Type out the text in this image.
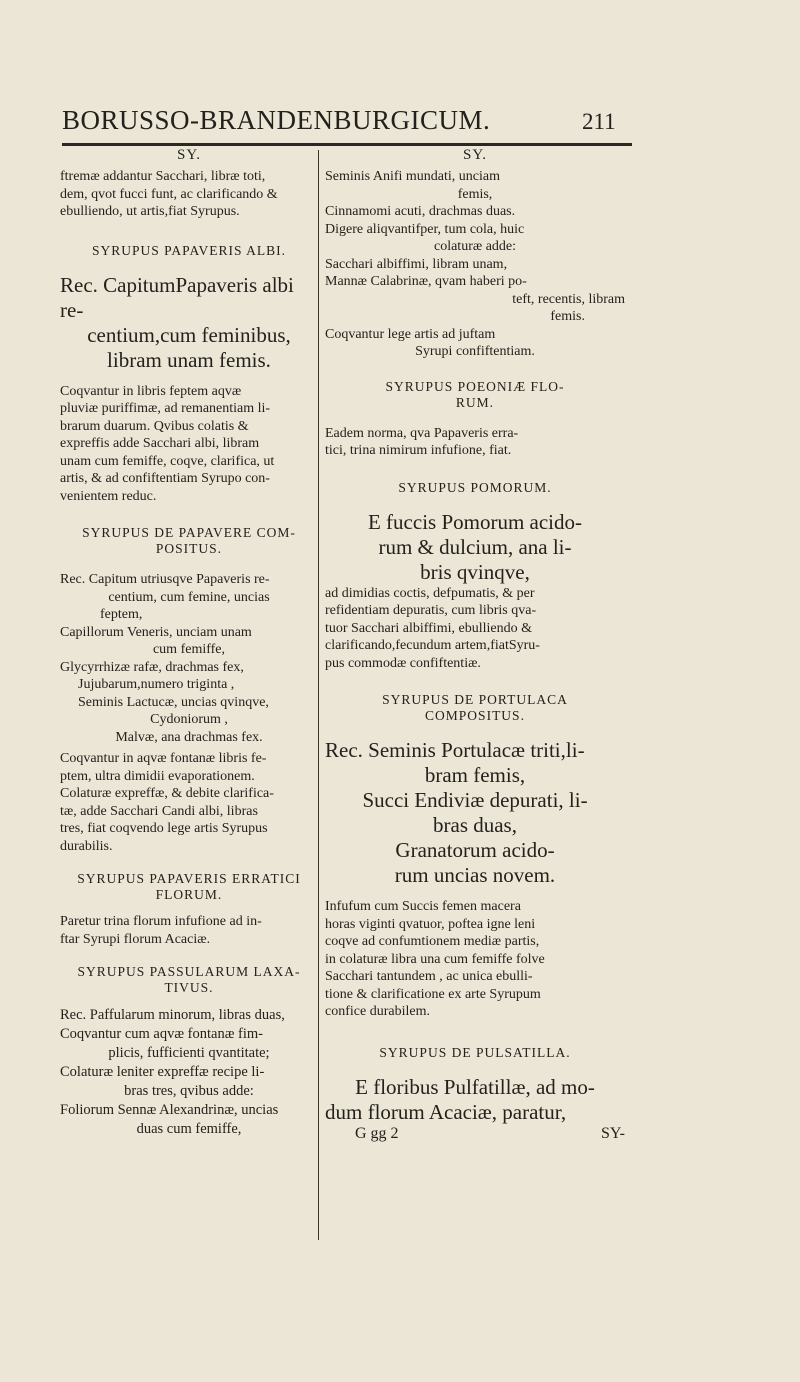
BORUSSO-BRANDENBURGICUM.	211
SY.
ftremæ addantur Sacchari, libræ toti,
dem, qvot fucci funt, ac clarificando &
ebulliendo, ut artis,fiat Syrupus.
SYRUPUS PAPAVERIS ALBI.
Rec. CapitumPapaveris albi re-
centium,cum feminibus,
libram unam femis.
Coqvantur in libris feptem aqvæ
pluviæ puriffimæ, ad remanentiam li-
brarum duarum. Qvibus colatis &
expreffis adde Sacchari albi, libram
unam cum femiffe, coqve, clarifica, ut
artis, & ad confiftentiam Syrupo con-
venientem reduc.
SYRUPUS DE PAPAVERE COM-
POSITUS.
Rec. Capitum utriusqve Papaveris re-
centium, cum femine, uncias
feptem,
Capillorum Veneris, unciam unam
cum femiffe,
Glycyrrhizæ rafæ, drachmas fex,
Jujubarum,numero triginta ,
Seminis Lactucæ, uncias qvinqve,
Cydoniorum ,
Malvæ, ana drachmas fex.
Coqvantur in aqvæ fontanæ libris fe-
ptem, ultra dimidii evaporationem.
Colaturæ expreffæ, & debite clarifica-
tæ, adde Sacchari Candi albi, libras
tres, fiat coqvendo lege artis Syrupus
durabilis.
SYRUPUS PAPAVERIS ERRATICI
FLORUM.
Paretur trina florum infufione ad in-
ftar Syrupi florum Acaciæ.
SYRUPUS PASSULARUM LAXA-
TIVUS.
Rec. Paffularum minorum, libras duas,
Coqvantur cum aqvæ fontanæ fim-
plicis, fufficienti qvantitate;
Colaturæ leniter expreffæ recipe li-
bras tres, qvibus adde:
Foliorum Sennæ Alexandrinæ, uncias
duas cum femiffe,
SY.
Seminis Anifi mundati, unciam
femis,
Cinnamomi acuti, drachmas duas.
Digere aliqvantifper, tum cola, huic
colaturæ adde:
Sacchari albiffimi, libram unam,
Mannæ Calabrinæ, qvam haberi po-
teft, recentis, libram
femis.
Coqvantur lege artis ad juftam
Syrupi confiftentiam.
SYRUPUS POEONIÆ FLO-
RUM.
Eadem norma, qva Papaveris erra-
tici, trina nimirum infufione, fiat.
SYRUPUS POMORUM.
E fuccis Pomorum acido-
rum & dulcium, ana li-
bris qvinqve,
ad dimidias coctis, defpumatis, & per
refidentiam depuratis, cum libris qva-
tuor Sacchari albiffimi, ebulliendo &
clarificando,fecundum artem,fiatSyru-
pus commodæ confiftentiæ.
SYRUPUS DE PORTULACA
COMPOSITUS.
Rec. Seminis Portulacæ triti,li-
bram femis,
Succi Endiviæ depurati, li-
bras duas,
Granatorum acido-
rum uncias novem.
Infufum cum Succis femen macera
horas viginti qvatuor, poftea igne leni
coqve ad confumtionem mediæ partis,
in colaturæ libra una cum femiffe folve
Sacchari tantundem , ac unica ebulli-
tione & clarificatione ex arte Syrupum
confice durabilem.
SYRUPUS DE PULSATILLA.
E floribus Pulfatillæ, ad mo-
dum florum Acaciæ, paratur,
G gg 2	SY-
